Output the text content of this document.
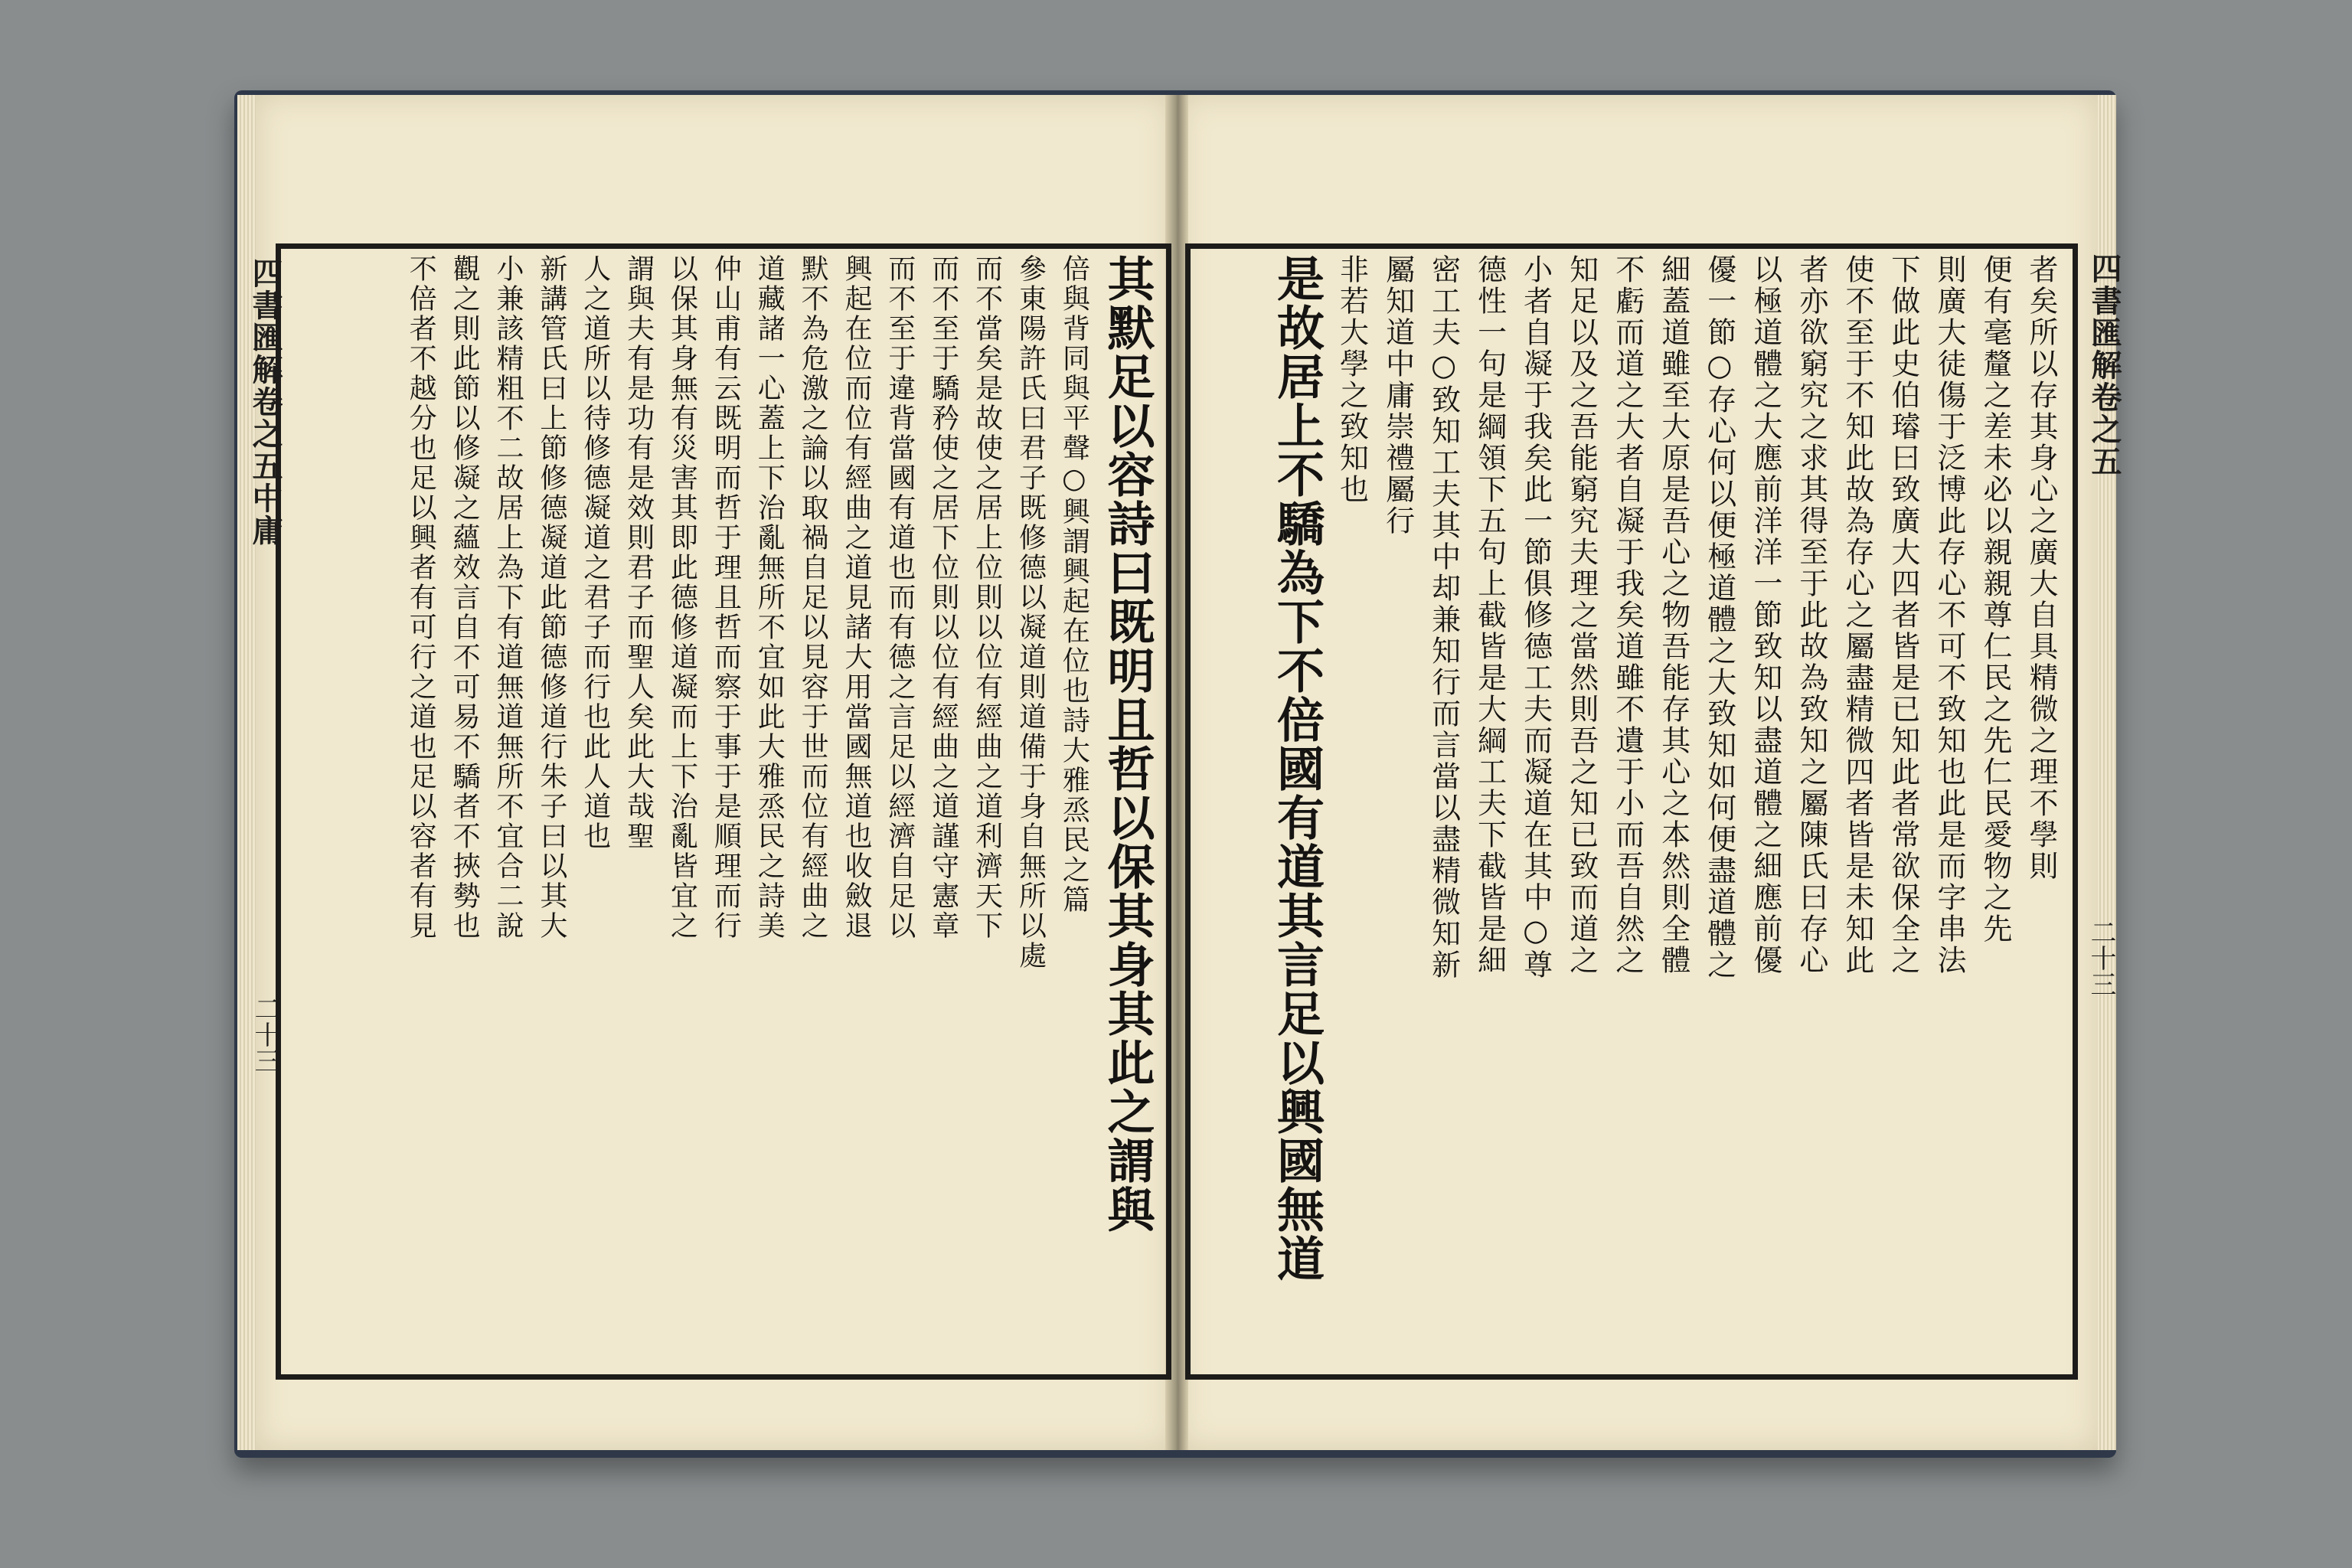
四書匯解卷之五中庸
二十三
四書匯解卷之五
二十三
其默足以容詩曰既明且哲以保其身其此之謂與
倍與背同與平聲○興謂興起在位也詩大雅烝民之篇
參東陽許氏曰君子既修德以凝道則道備于身自無所以處
而不當矣是故使之居上位則以位有經曲之道利濟天下
而不至于驕矜使之居下位則以位有經曲之道謹守憲章
而不至于違背當國有道也而有德之言足以經濟自足以
興起在位而位有經曲之道見諸大用當國無道也收斂退
默不為危激之論以取禍自足以見容于世而位有經曲之
道藏諸一心蓋上下治亂無所不宜如此大雅烝民之詩美
仲山甫有云既明而哲于理且哲而察于事于是順理而行
以保其身無有災害其即此德修道凝而上下治亂皆宜之
謂與夫有是功有是效則君子而聖人矣此大哉聖
人之道所以待修德凝道之君子而行也此人道也
新講管氏曰上節修德凝道此節德修道行朱子曰以其大
小兼該精粗不二故居上為下有道無道無所不宜合二說
觀之則此節以修凝之蘊效言自不可易不驕者不挾勢也
不倍者不越分也足以興者有可行之道也足以容者有見	者矣所以存其身心之廣大自具精微之理不學則
便有毫釐之差未必以親親尊仁民之先仁民愛物之先
則廣大徒傷于泛博此存心不可不致知也此是而字串法
下做此史伯璿曰致廣大四者皆是已知此者常欲保全之
使不至于不知此故為存心之屬盡精微四者皆是未知此
者亦欲窮究之求其得至于此故為致知之屬陳氏曰存心
以極道體之大應前洋洋一節致知以盡道體之細應前優
優一節○存心何以便極道體之大致知如何便盡道體之
細蓋道雖至大原是吾心之物吾能存其心之本然則全體
不虧而道之大者自凝于我矣道雖不遺于小而吾自然之
知足以及之吾能窮究夫理之當然則吾之知已致而道之
小者自凝于我矣此一節俱修德工夫而凝道在其中○尊
德性一句是綱領下五句上截皆是大綱工夫下截皆是細
密工夫○致知工夫其中却兼知行而言當以盡精微知新
屬知道中庸崇禮屬行
非若大學之致知也
是故居上不驕為下不倍國有道其言足以興國無道
